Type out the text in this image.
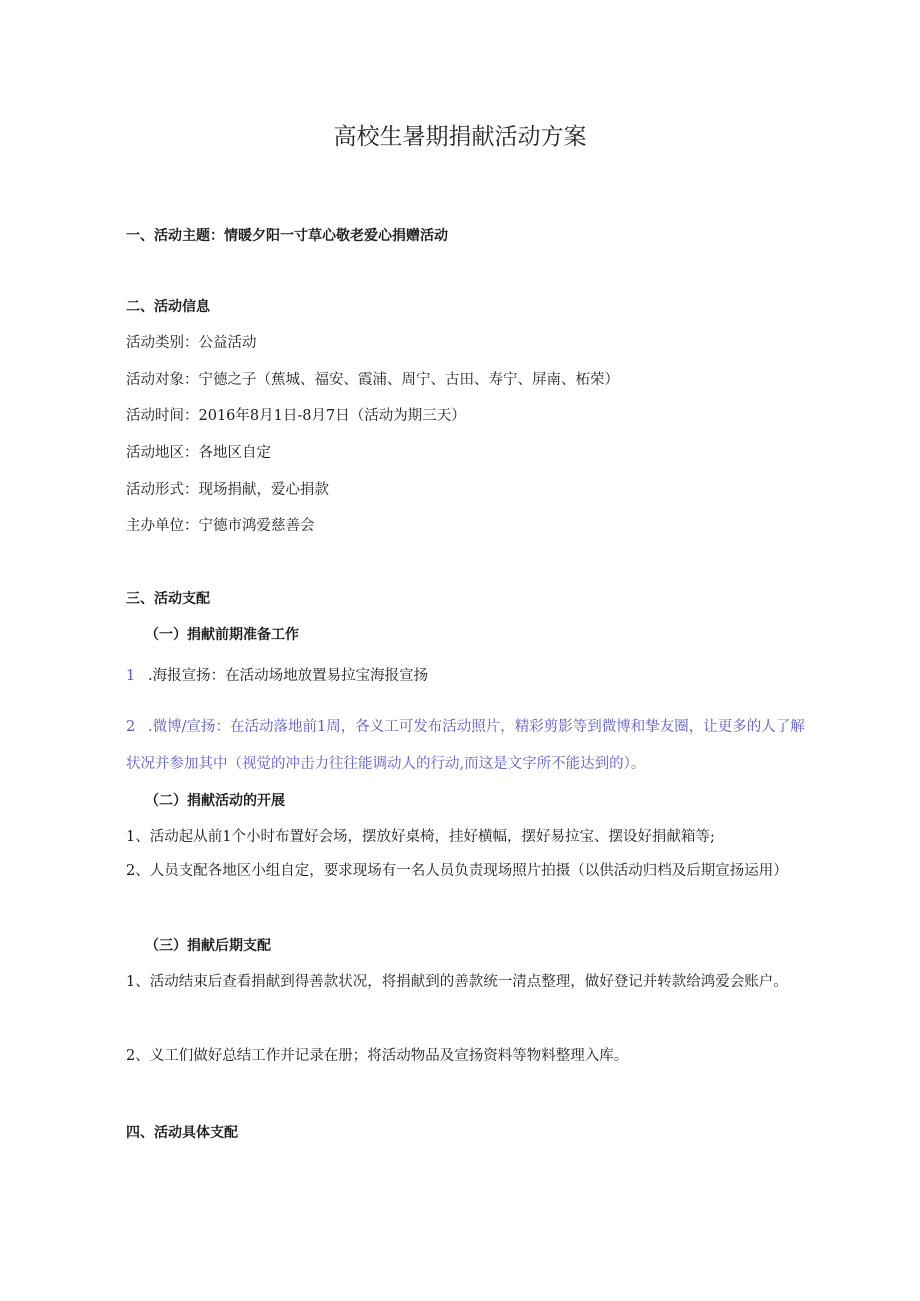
高校生暑期捐献活动方案
一、活动主题：情暖夕阳一寸草心敬老爱心捐赠活动
二、活动信息
活动类别：公益活动
活动对象：宁德之子（蕉城、福安、霞浦、周宁、古田、寿宁、屏南、柘荣）
活动时间：2016年8月1日-8月7日（活动为期三天）
活动地区：各地区自定
活动形式：现场捐献，爱心捐款
主办单位：宁德市鸿爱慈善会
三、活动支配
（一）捐献前期准备工作
1 .海报宣扬：在活动场地放置易拉宝海报宣扬
2 .微博/宣扬：在活动落地前1周，各义工可发布活动照片，精彩剪影等到微博和挚友圈，让更多的人了解状况并参加其中（视觉的冲击力往往能调动人的行动,而这是文字所不能达到的）。
（二）捐献活动的开展
1、活动起从前1个小时布置好会场，摆放好桌椅，挂好横幅，摆好易拉宝、摆设好捐献箱等;
2、人员支配各地区小组自定，要求现场有一名人员负责现场照片拍摄（以供活动归档及后期宣扬运用）
（三）捐献后期支配
1、活动结束后查看捐献到得善款状况，将捐献到的善款统一清点整理，做好登记并转款给鸿爱会账户。
2、义工们做好总结工作并记录在册；将活动物品及宣扬资料等物料整理入库。
四、活动具体支配
